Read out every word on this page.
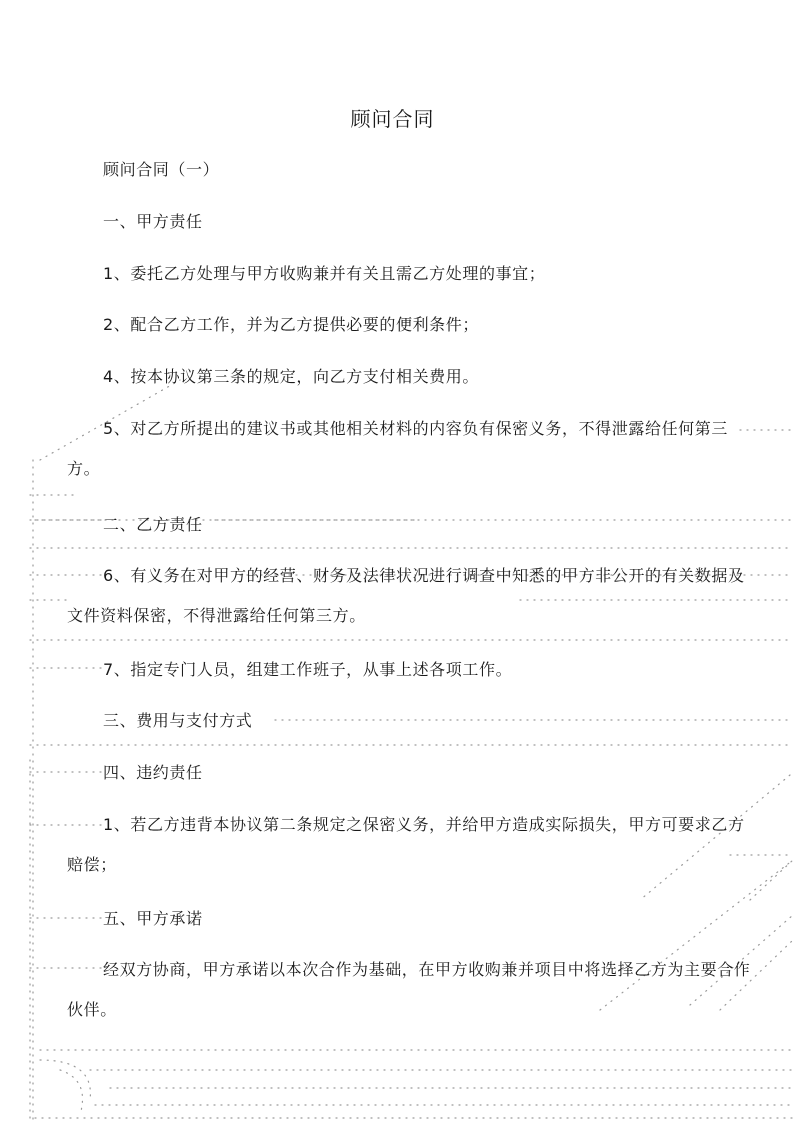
顾问合同
顾问合同（一）
一、甲方责任
1、委托乙方处理与甲方收购兼并有关且需乙方处理的事宜；
2、配合乙方工作，并为乙方提供必要的便利条件；
4、按本协议第三条的规定，向乙方支付相关费用。
5、对乙方所提出的建议书或其他相关材料的内容负有保密义务，不得泄露给任何第三方。
二、乙方责任
6、有义务在对甲方的经营、财务及法律状况进行调查中知悉的甲方非公开的有关数据及文件资料保密，不得泄露给任何第三方。
7、指定专门人员，组建工作班子，从事上述各项工作。
三、费用与支付方式
四、违约责任
1、若乙方违背本协议第二条规定之保密义务，并给甲方造成实际损失，甲方可要求乙方赔偿；
五、甲方承诺
经双方协商，甲方承诺以本次合作为基础，在甲方收购兼并项目中将选择乙方为主要合作伙伴。
